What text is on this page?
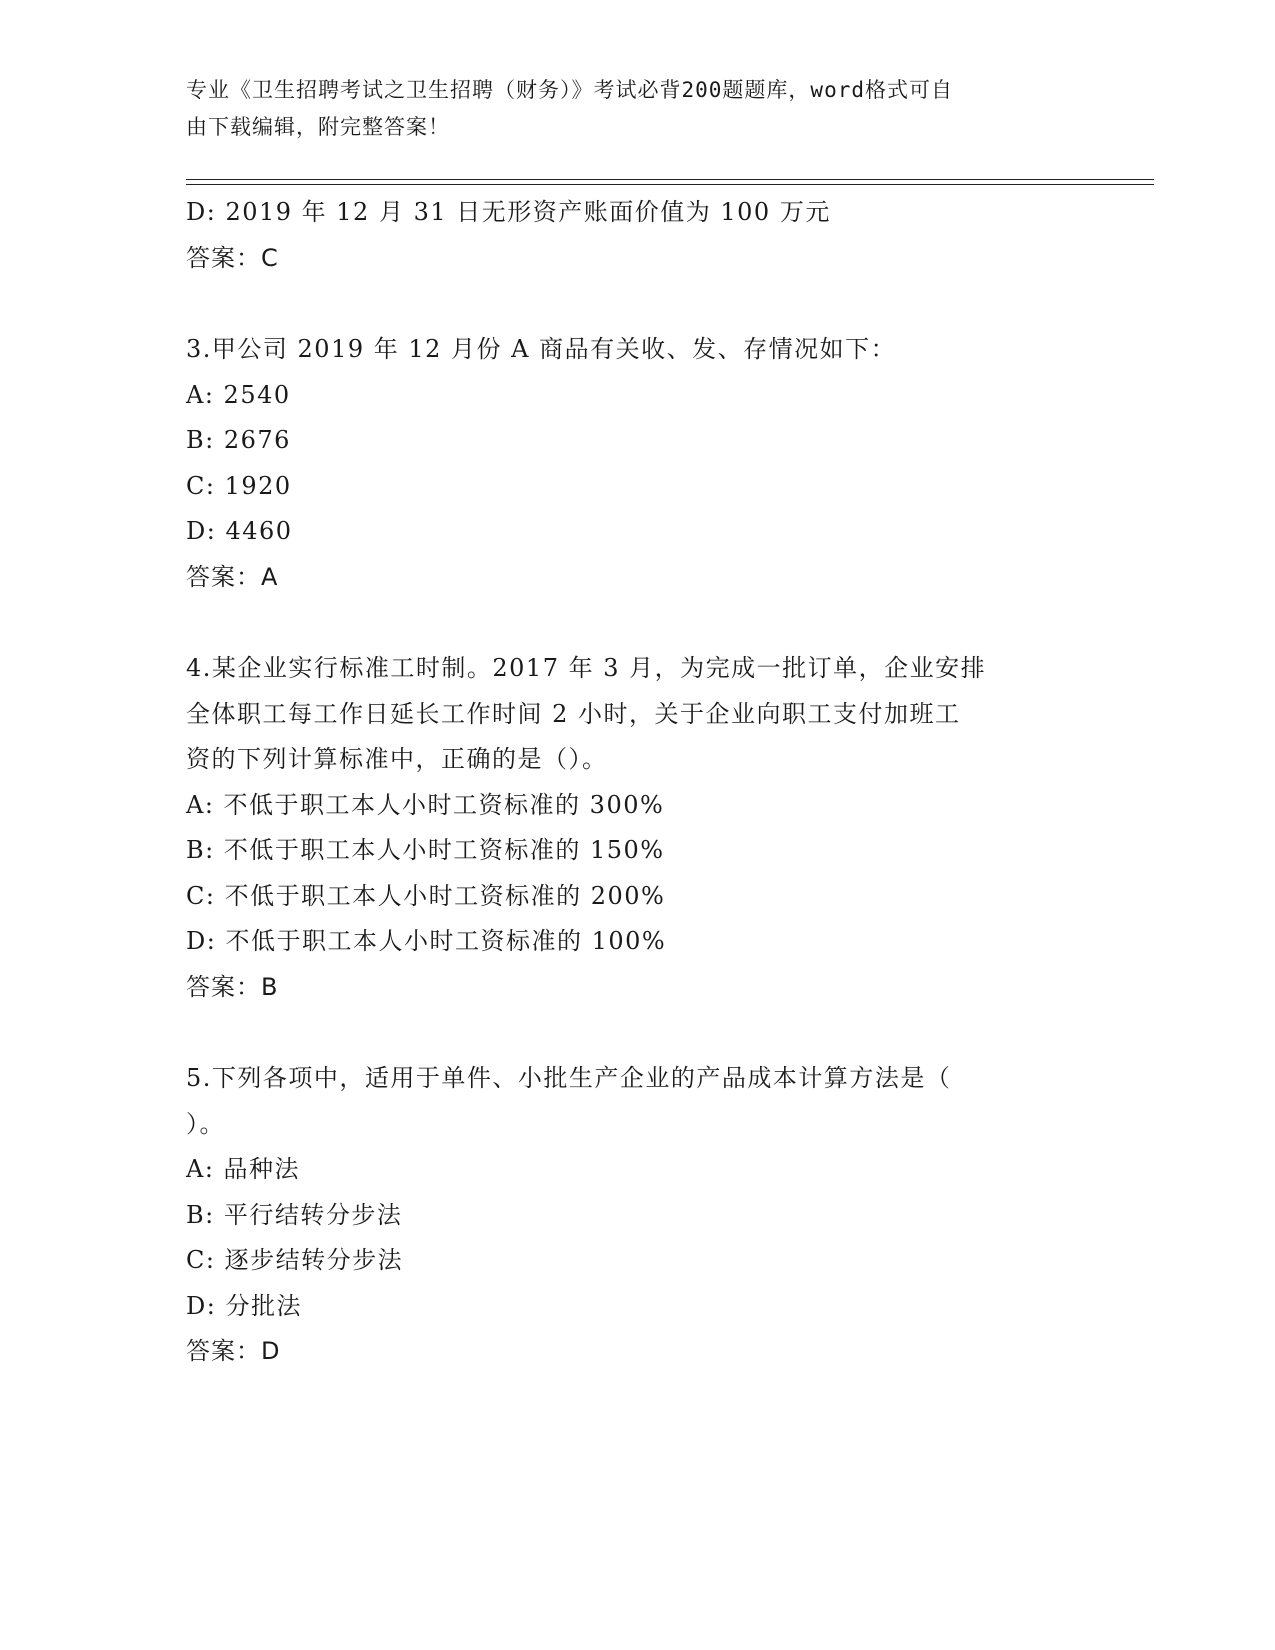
专业《卫生招聘考试之卫生招聘（财务）》考试必背200题题库，word格式可自
由下载编辑，附完整答案！
D: 2019 年 12 月 31 日无形资产账面价值为 100 万元
答案：C
3.甲公司 2019 年 12 月份 A 商品有关收、发、存情况如下：
A: 2540
B: 2676
C: 1920
D: 4460
答案：A
4.某企业实行标准工时制。2017 年 3 月，为完成一批订单，企业安排
全体职工每工作日延长工作时间 2 小时，关于企业向职工支付加班工
资的下列计算标准中，正确的是（）。
A: 不低于职工本人小时工资标准的 300%
B: 不低于职工本人小时工资标准的 150%
C: 不低于职工本人小时工资标准的 200%
D: 不低于职工本人小时工资标准的 100%
答案：B
5.下列各项中，适用于单件、小批生产企业的产品成本计算方法是（
）。
A: 品种法
B: 平行结转分步法
C: 逐步结转分步法
D: 分批法
答案：D
